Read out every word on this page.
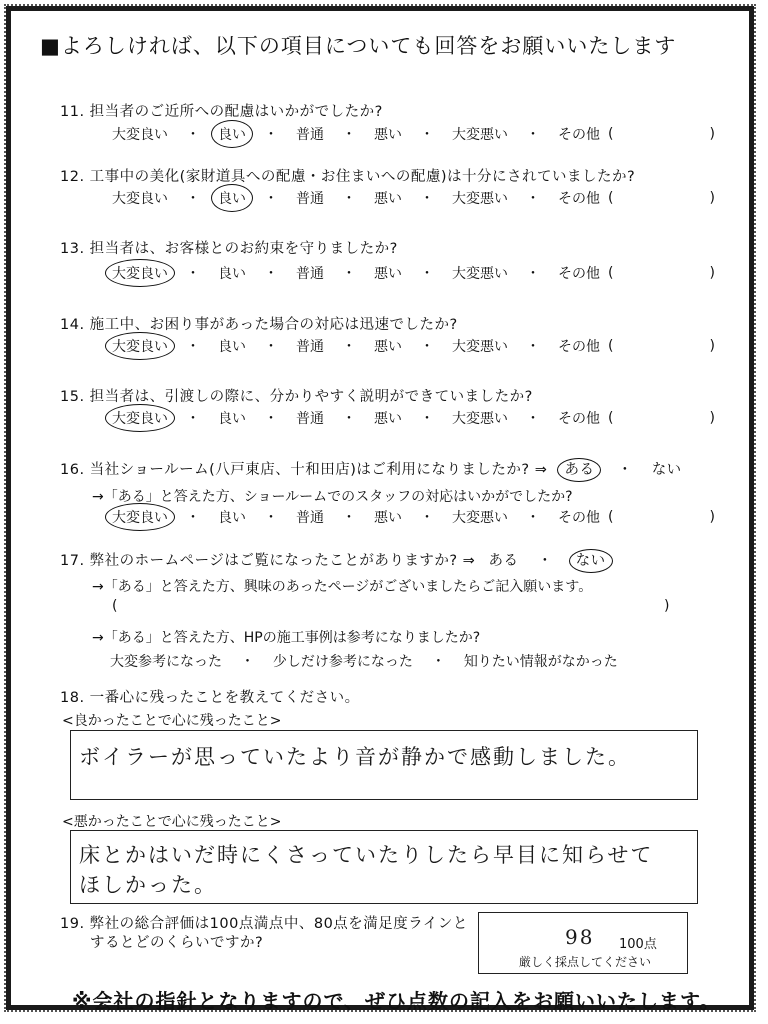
■よろしければ、以下の項目についても回答をお願いいたします
11. 担当者のご近所への配慮はいかがでしたか?
大変良い	・	良い	・	普通	・	悪い	・	大変悪い	・	その他 (	)
12. 工事中の美化(家財道具への配慮・お住まいへの配慮)は十分にされていましたか?
大変良い	・	良い	・	普通	・	悪い	・	大変悪い	・	その他 (	)
13. 担当者は、お客様とのお約束を守りましたか?
大変良い	・	良い	・	普通	・	悪い	・	大変悪い	・	その他 (	)
14. 施工中、お困り事があった場合の対応は迅速でしたか?
大変良い	・	良い	・	普通	・	悪い	・	大変悪い	・	その他 (	)
15. 担当者は、引渡しの際に、分かりやすく説明ができていましたか?
大変良い	・	良い	・	普通	・	悪い	・	大変悪い	・	その他 (	)
16. 当社ショールーム(八戸東店、十和田店)はご利用になりましたか? ⇒ ある ・ ない
→「ある」と答えた方、ショールームでのスタッフの対応はいかがでしたか?
大変良い	・	良い	・	普通	・	悪い	・	大変悪い	・	その他 (	)
17. 弊社のホームページはご覧になったことがありますか? ⇒ ある ・ ない
→「ある」と答えた方、興味のあったページがございましたらご記入願います。
(	)
→「ある」と答えた方、HPの施工事例は参考になりましたか?
大変参考になった ・ 少しだけ参考になった ・ 知りたい情報がなかった
18. 一番心に残ったことを教えてください。
<良かったことで心に残ったこと>
ボイラーが思っていたより音が静かで感動しました。
<悪かったことで心に残ったこと>
床とかはいだ時にくさっていたりしたら早目に知らせて
ほしかった。
19. 弊社の総合評価は100点満点中、80点を満足度ラインと
するとどのくらいですか?	98 100点
厳しく採点してください
※会社の指針となりますので、ぜひ点数の記入をお願いいたします。
